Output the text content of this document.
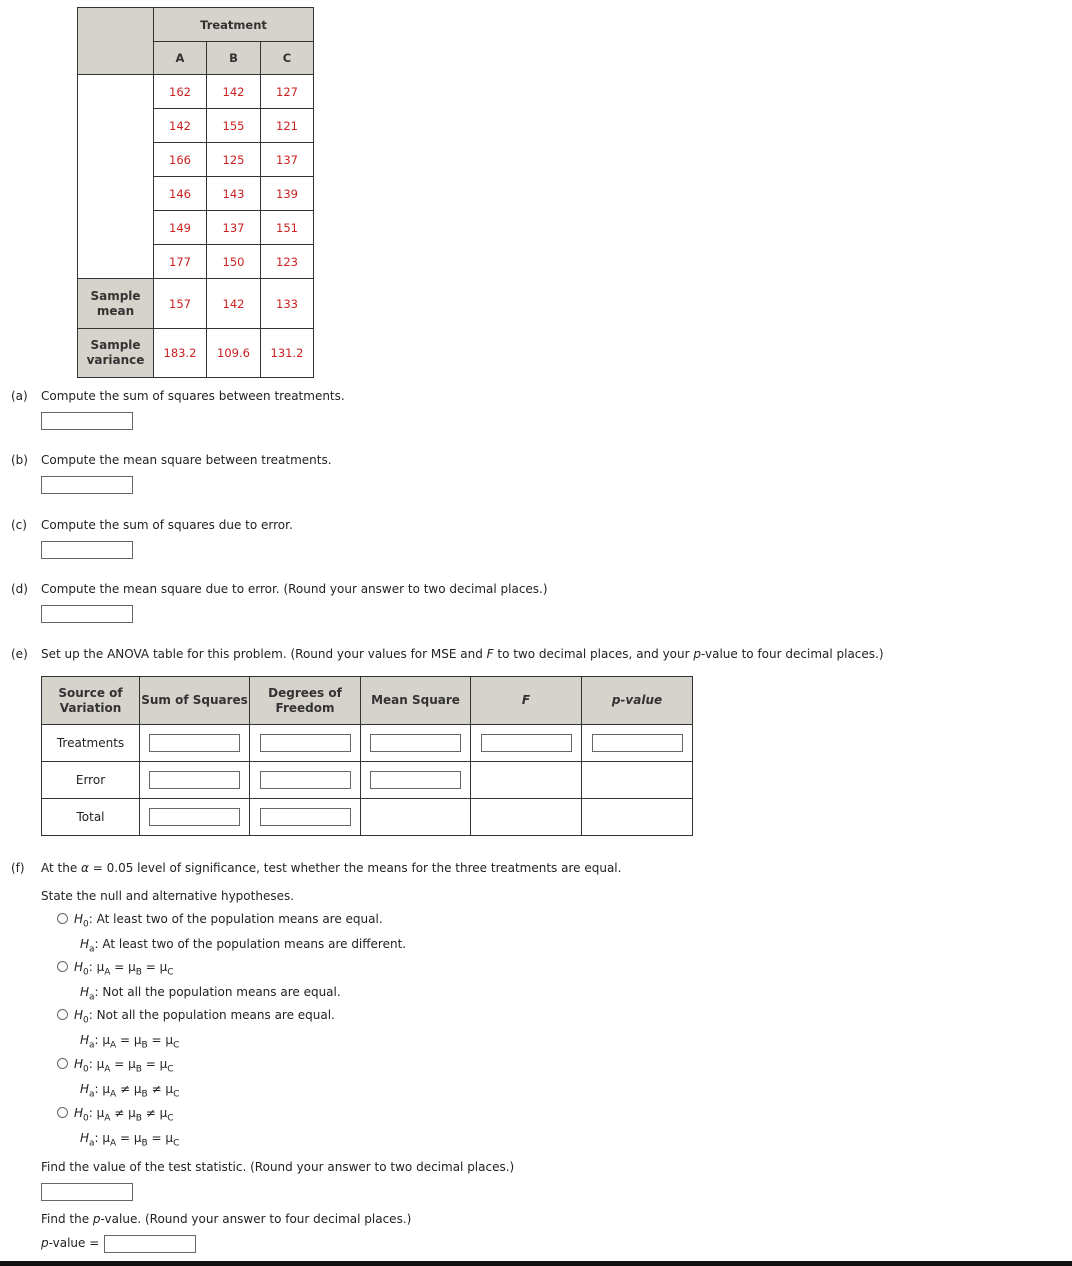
	Treatment		
	A	B	C
	162	142	127
	142	155	121
	166	125	137
	146	143	139
	149	137	151
	177	150	123
Sample mean	157	142	133
Sample variance	183.2	109.6	131.2
(a) Compute the sum of squares between treatments.
(b) Compute the mean square between treatments.
(c) Compute the sum of squares due to error.
(d) Compute the mean square due to error. (Round your answer to two decimal places.)
(e) Set up the ANOVA table for this problem. (Round your values for MSE and F to two decimal places, and your p-value to four decimal places.)
Source of Variation	Sum of Squares	Degrees of Freedom	Mean Square	F	p-value
Treatments					
Error					
Total					
(f) At the α = 0.05 level of significance, test whether the means for the three treatments are equal.
State the null and alternative hypotheses.
$H_0$: At least two of the population means are equal.
$H_a$: At least two of the population means are different.
$H_0$: $\mu_A = \mu_B = \mu_C$
$H_a$: Not all the population means are equal.
$H_0$: Not all the population means are equal.
$H_a$: $\mu_A = \mu_B = \mu_C$
$H_0$: $\mu_A = \mu_B = \mu_C$
$H_a$: $\mu_A \ne \mu_B \ne \mu_C$
$H_0$: $\mu_A \ne \mu_B \ne \mu_C$
$H_a$: $\mu_A = \mu_B = \mu_C$
Find the value of the test statistic. (Round your answer to two decimal places.)
Find the p-value. (Round your answer to four decimal places.)
p-value =
